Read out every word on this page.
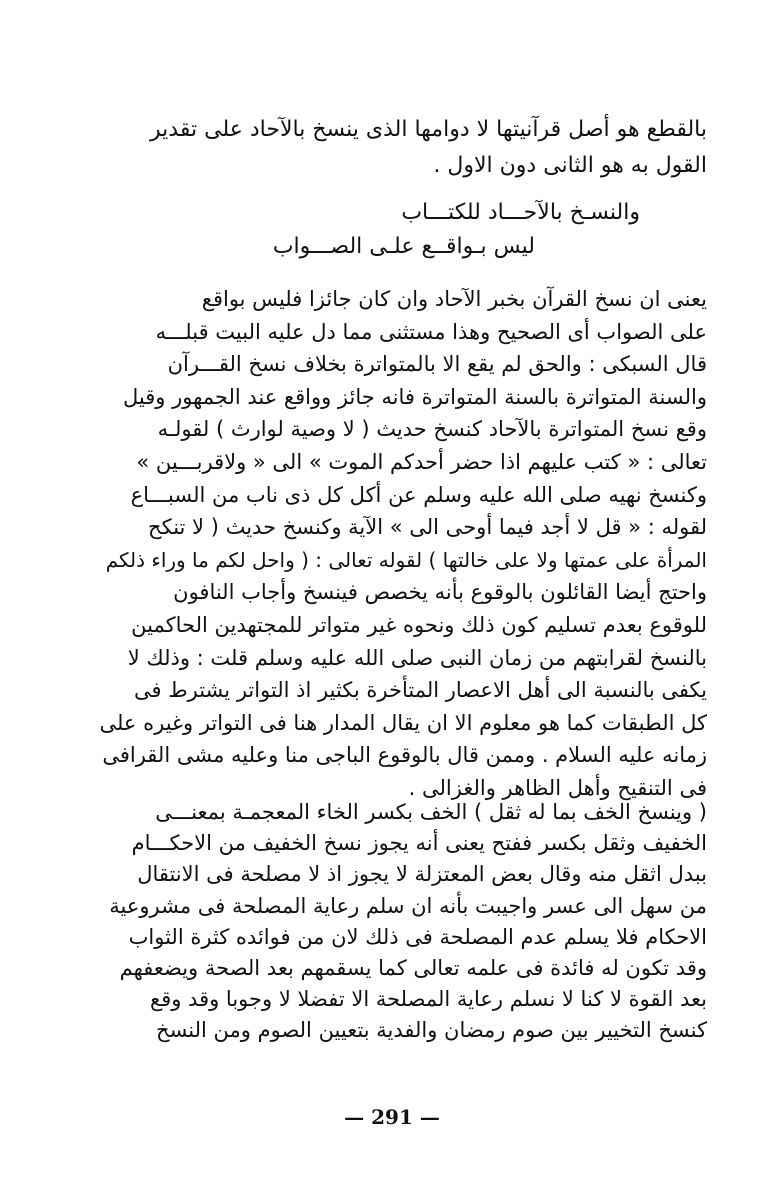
بالقطع هو أصل قرآنيتها لا دوامها الذى ينسخ بالآحاد على تقدير
القول به هو الثانى دون الاول .
والنسـخ بالآحـــاد للكتـــاب
ليس بـواقــع علـى الصـــواب
يعنى ان نسخ القرآن بخبر الآحاد وان كان جائزا فليس بواقع
على الصواب أى الصحيح وهذا مستثنى مما دل عليه البيت قبلـــه
قال السبكى : والحق لم يقع الا بالمتواترة بخلاف نسخ القـــرآن
والسنة المتواترة بالسنة المتواترة فانه جائز وواقع عند الجمهور وقيل
وقع نسخ المتواترة بالآحاد كنسخ حديث ( لا وصية لوارث ) لقولـه
تعالى : « كتب عليهم اذا حضر أحدكم الموت » الى « ولاقربـــين »
وكنسخ نهيه صلى الله عليه وسلم عن أكل كل ذى ناب من السبـــاع
لقوله : « قل لا أجد فيما أوحى الى » الآية وكنسخ حديث ( لا تنكح
المرأة على عمتها ولا على خالتها ) لقوله تعالى : ( واحل لكم ما وراء ذلكم
واحتج أيضا القائلون بالوقوع بأنه يخصص فينسخ وأجاب النافون
للوقوع بعدم تسليم كون ذلك ونحوه غير متواتر للمجتهدين الحاكمين
بالنسخ لقرابتهم من زمان النبى صلى الله عليه وسلم قلت : وذلك لا
يكفى بالنسبة الى أهل الاعصار المتأخرة بكثير اذ التواتر يشترط فى
كل الطبقات كما هو معلوم الا ان يقال المدار هنا فى التواتر وغيره على
زمانه عليه السلام . وممن قال بالوقوع الباجى منا وعليه مشى القرافى
فى التنقيح وأهل الظاهر والغزالى .
( وينسخ الخف بما له ثقل ) الخف بكسر الخاء المعجمـة بمعنـــى
الخفيف وثقل بكسر ففتح يعنى أنه يجوز نسخ الخفيف من الاحكـــام
ببدل اثقل منه وقال بعض المعتزلة لا يجوز اذ لا مصلحة فى الانتقال
من سهل الى عسر واجيبت بأنه ان سلم رعاية المصلحة فى مشروعية
الاحكام فلا يسلم عدم المصلحة فى ذلك لان من فوائده كثرة الثواب
وقد تكون له فائدة فى علمه تعالى كما يسقمهم بعد الصحة ويضعفهم
بعد القوة لا كنا لا نسلم رعاية المصلحة الا تفضلا لا وجوبا وقد وقع
كنسخ التخيير بين صوم رمضان والفدية بتعيين الصوم ومن النسخ
— 291 —
